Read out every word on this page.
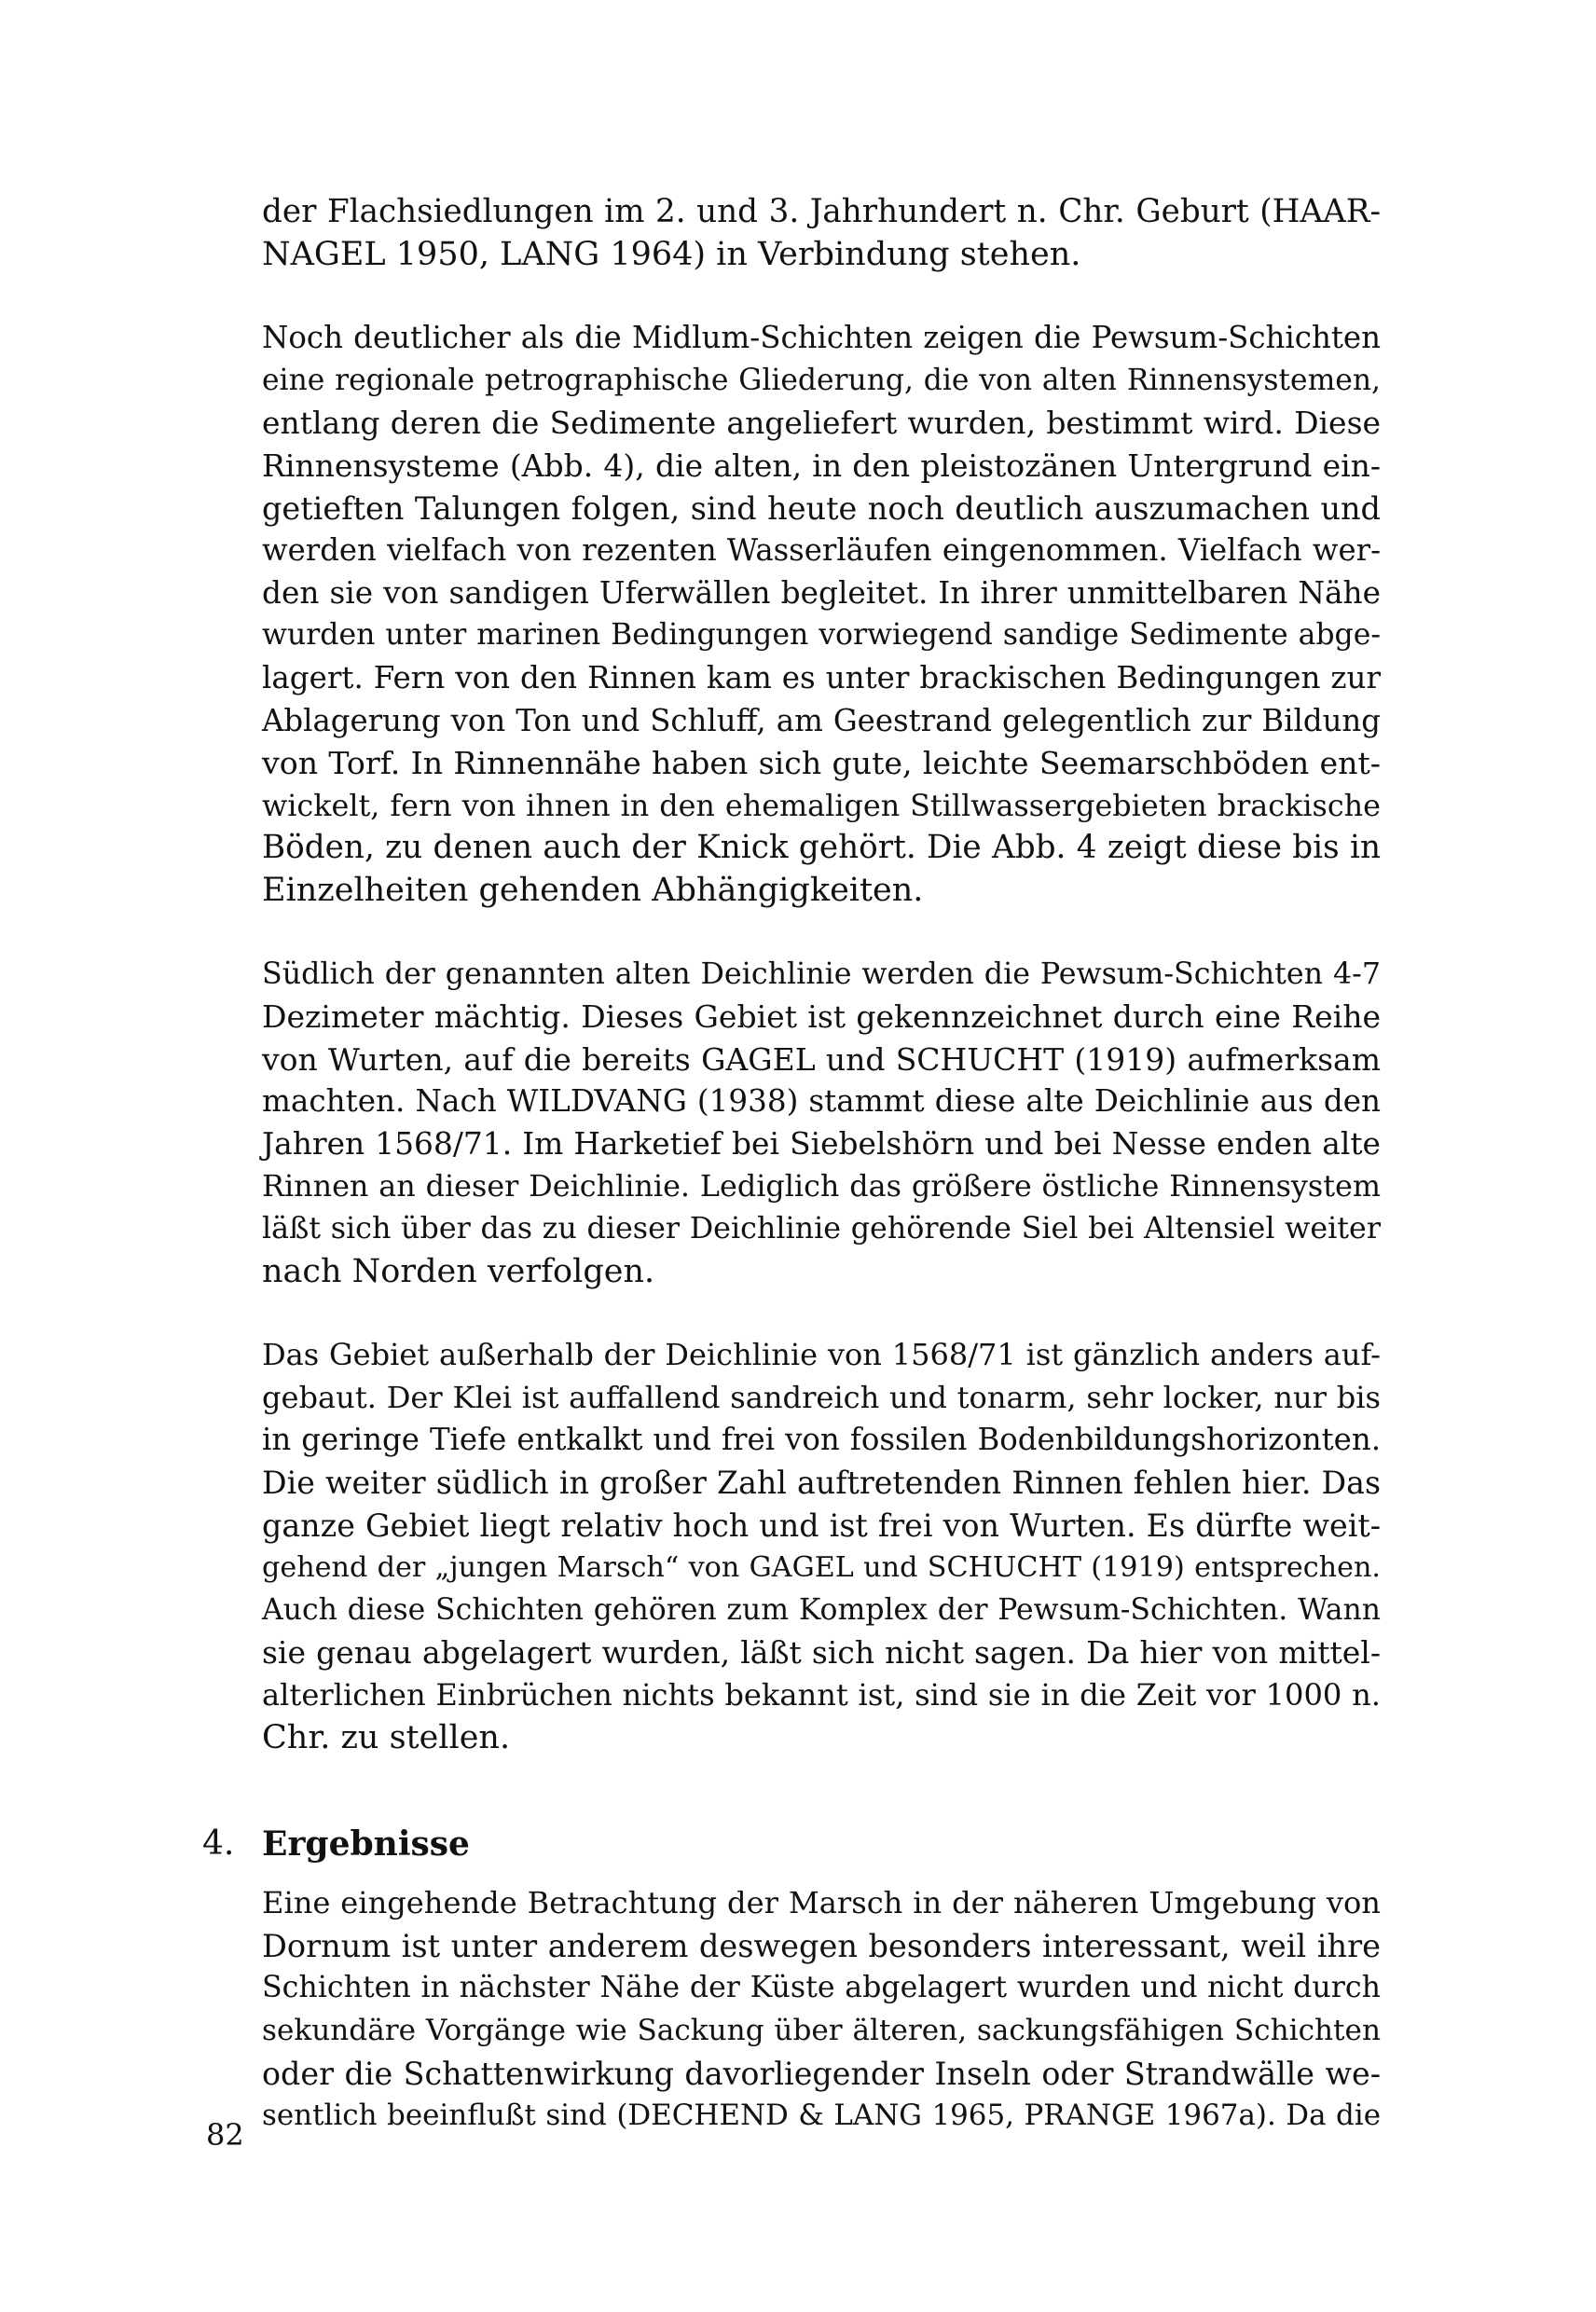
der Flachsiedlungen im 2. und 3. Jahrhundert n. Chr. Geburt (HAAR-
NAGEL 1950, LANG 1964) in Verbindung stehen.
Noch deutlicher als die Midlum-Schichten zeigen die Pewsum-Schichten
eine regionale petrographische Gliederung, die von alten Rinnensystemen,
entlang deren die Sedimente angeliefert wurden, bestimmt wird. Diese
Rinnensysteme (Abb. 4), die alten, in den pleistozänen Untergrund ein-
getieften Talungen folgen, sind heute noch deutlich auszumachen und
werden vielfach von rezenten Wasserläufen eingenommen. Vielfach wer-
den sie von sandigen Uferwällen begleitet. In ihrer unmittelbaren Nähe
wurden unter marinen Bedingungen vorwiegend sandige Sedimente abge-
lagert. Fern von den Rinnen kam es unter brackischen Bedingungen zur
Ablagerung von Ton und Schluff, am Geestrand gelegentlich zur Bildung
von Torf. In Rinnennähe haben sich gute, leichte Seemarschböden ent-
wickelt, fern von ihnen in den ehemaligen Stillwassergebieten brackische
Böden, zu denen auch der Knick gehört. Die Abb. 4 zeigt diese bis in
Einzelheiten gehenden Abhängigkeiten.
Südlich der genannten alten Deichlinie werden die Pewsum-Schichten 4-7
Dezimeter mächtig. Dieses Gebiet ist gekennzeichnet durch eine Reihe
von Wurten, auf die bereits GAGEL und SCHUCHT (1919) aufmerksam
machten. Nach WILDVANG (1938) stammt diese alte Deichlinie aus den
Jahren 1568/71. Im Harketief bei Siebelshörn und bei Nesse enden alte
Rinnen an dieser Deichlinie. Lediglich das größere östliche Rinnensystem
läßt sich über das zu dieser Deichlinie gehörende Siel bei Altensiel weiter
nach Norden verfolgen.
Das Gebiet außerhalb der Deichlinie von 1568/71 ist gänzlich anders auf-
gebaut. Der Klei ist auffallend sandreich und tonarm, sehr locker, nur bis
in geringe Tiefe entkalkt und frei von fossilen Bodenbildungshorizonten.
Die weiter südlich in großer Zahl auftretenden Rinnen fehlen hier. Das
ganze Gebiet liegt relativ hoch und ist frei von Wurten. Es dürfte weit-
gehend der „jungen Marsch“ von GAGEL und SCHUCHT (1919) entsprechen.
Auch diese Schichten gehören zum Komplex der Pewsum-Schichten. Wann
sie genau abgelagert wurden, läßt sich nicht sagen. Da hier von mittel-
alterlichen Einbrüchen nichts bekannt ist, sind sie in die Zeit vor 1000 n.
Chr. zu stellen.
4. Ergebnisse
Eine eingehende Betrachtung der Marsch in der näheren Umgebung von
Dornum ist unter anderem deswegen besonders interessant, weil ihre
Schichten in nächster Nähe der Küste abgelagert wurden und nicht durch
sekundäre Vorgänge wie Sackung über älteren, sackungsfähigen Schichten
oder die Schattenwirkung davorliegender Inseln oder Strandwälle we-
sentlich beeinflußt sind (DECHEND & LANG 1965, PRANGE 1967a). Da die
82
